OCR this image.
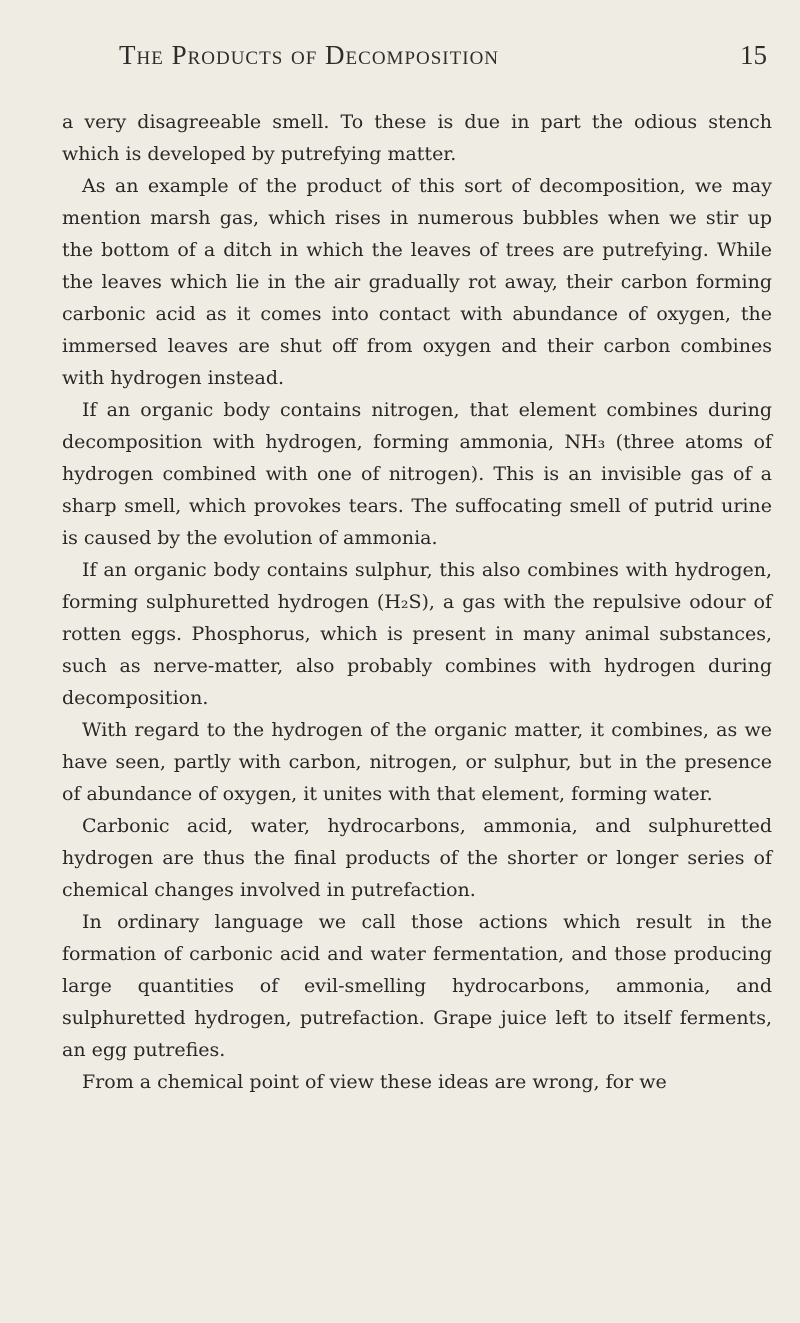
The Products of Decomposition	15

a very disagreeable smell. To these is due in part the odious stench which is developed by putrefying matter.

As an example of the product of this sort of decomposition, we may mention marsh gas, which rises in numerous bubbles when we stir up the bottom of a ditch in which the leaves of trees are putrefying. While the leaves which lie in the air gradually rot away, their carbon forming carbonic acid as it comes into contact with abundance of oxygen, the immersed leaves are shut off from oxygen and their carbon combines with hydrogen instead.

If an organic body contains nitrogen, that element combines during decomposition with hydrogen, forming ammonia, NH₃ (three atoms of hydrogen combined with one of nitrogen). This is an invisible gas of a sharp smell, which provokes tears. The suffocating smell of putrid urine is caused by the evolution of ammonia.

If an organic body contains sulphur, this also combines with hydrogen, forming sulphuretted hydrogen (H₂S), a gas with the repulsive odour of rotten eggs. Phosphorus, which is present in many animal substances, such as nerve-matter, also probably combines with hydrogen during decomposition.

With regard to the hydrogen of the organic matter, it combines, as we have seen, partly with carbon, nitrogen, or sulphur, but in the presence of abundance of oxygen, it unites with that element, forming water.

Carbonic acid, water, hydrocarbons, ammonia, and sulphuretted hydrogen are thus the final products of the shorter or longer series of chemical changes involved in putrefaction.

In ordinary language we call those actions which result in the formation of carbonic acid and water fermentation, and those producing large quantities of evil-smelling hydrocarbons, ammonia, and sulphuretted hydrogen, putrefaction. Grape juice left to itself ferments, an egg putrefies.

From a chemical point of view these ideas are wrong, for we
